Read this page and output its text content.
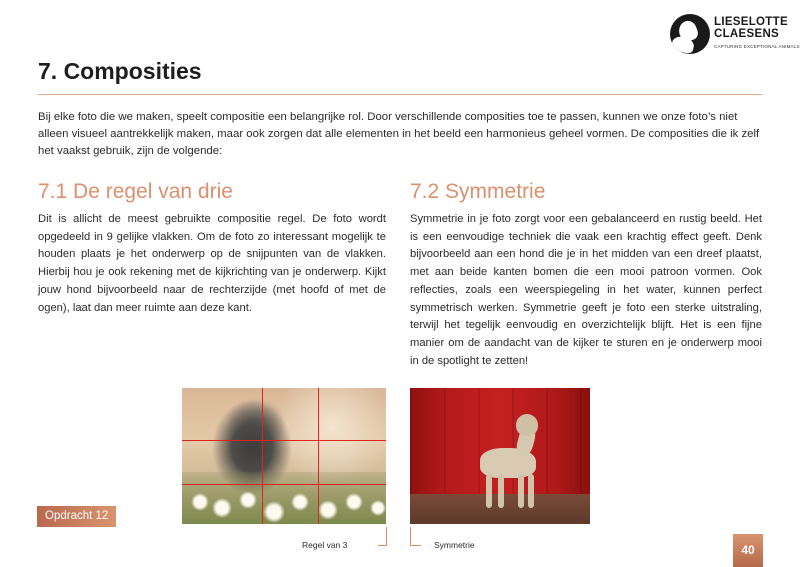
LIESELOTTE
CLAESENS
CAPTURING EXCEPTIONAL ANIMALS
7. Composities

Bij elke foto die we maken, speelt compositie een belangrijke rol. Door verschillende composities toe te passen, kunnen we onze foto’s niet alleen visueel aantrekkelijk maken, maar ook zorgen dat alle elementen in het beeld een harmonieus geheel vormen. De composities die ik zelf het vaakst gebruik, zijn de volgende:

7.1 De regel van drie

Dit is allicht de meest gebruikte compositie regel. De foto wordt opgedeeld in 9 gelijke vlakken. Om de foto zo interessant mogelijk te houden plaats je het onderwerp op de snijpunten van de vlakken. Hierbij hou je ook rekening met de kijkrichting van je onderwerp. Kijkt jouw hond bijvoorbeeld naar de rechterzijde (met hoofd of met de ogen), laat dan meer ruimte aan deze kant.

7.2 Symmetrie

Symmetrie in je foto zorgt voor een gebalanceerd en rustig beeld. Het is een eenvoudige techniek die vaak een krachtig effect geeft. Denk bijvoorbeeld aan een hond die je in het midden van een dreef plaatst, met aan beide kanten bomen die een mooi patroon vormen. Ook reflecties, zoals een weerspiegeling in het water, kunnen perfect symmetrisch werken. Symmetrie geeft je foto een sterke uitstraling, terwijl het tegelijk eenvoudig en overzichtelijk blijft. Het is een fijne manier om de aandacht van de kijker te sturen en je onderwerp mooi in de spotlight te zetten!

Opdracht 12
Regel van 3	Symmetrie	40
